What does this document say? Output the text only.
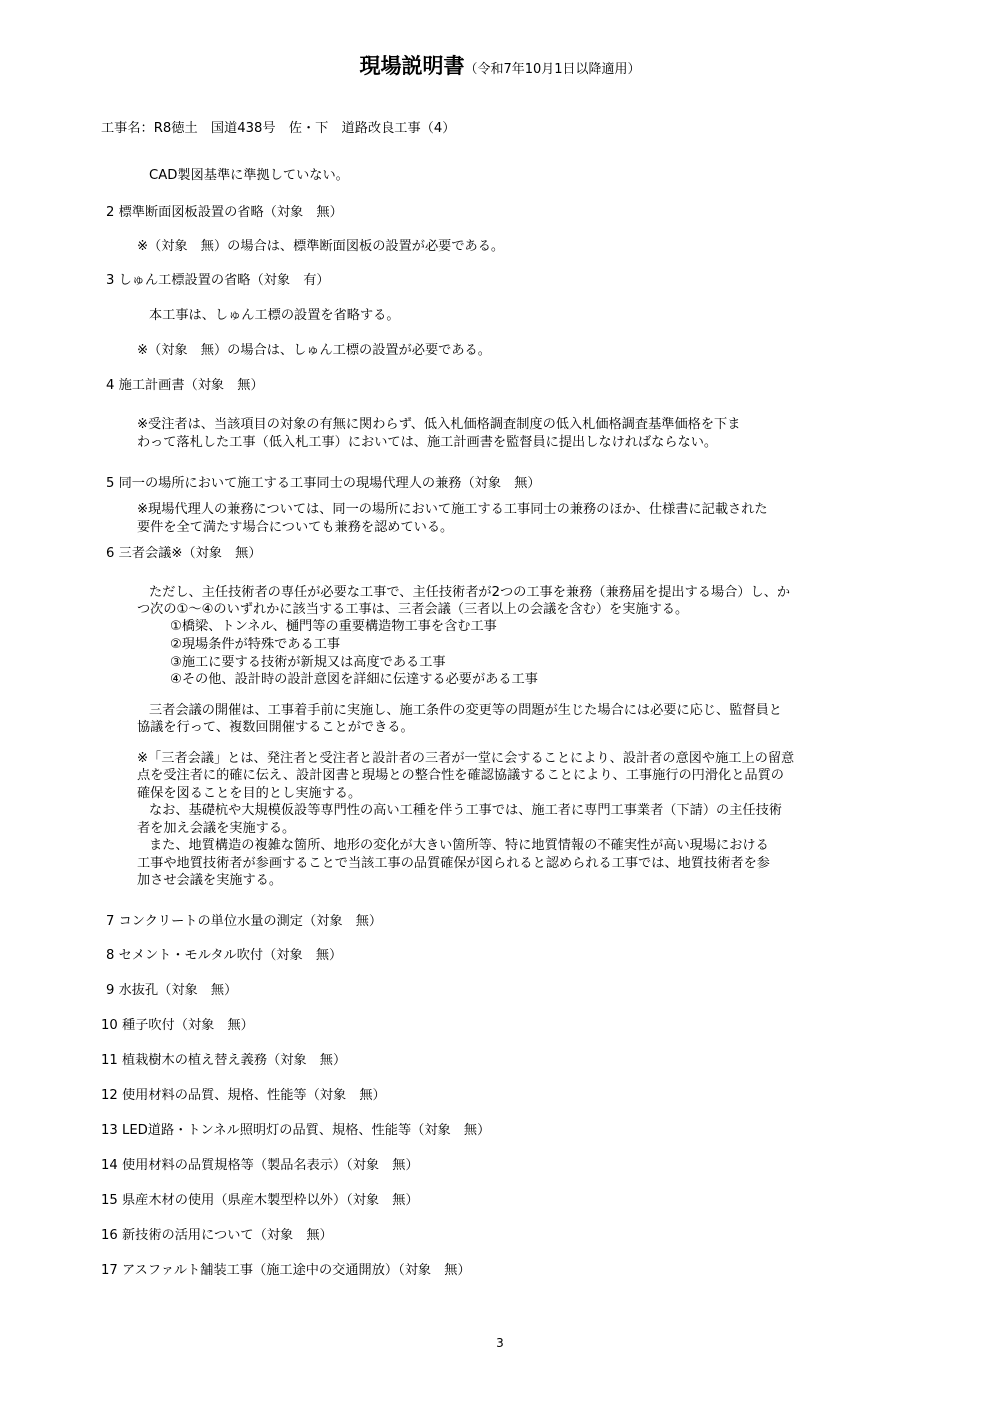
現場説明書（令和7年10月1日以降適用）
工事名：R8徳土　国道438号　佐・下　道路改良工事（4）
CAD製図基準に準拠していない。
2 標準断面図板設置の省略（対象　無）
※（対象　無）の場合は、標準断面図板の設置が必要である。
3 しゅん工標設置の省略（対象　有）
本工事は、しゅん工標の設置を省略する。
※（対象　無）の場合は、しゅん工標の設置が必要である。
4 施工計画書（対象　無）
※受注者は、当該項目の対象の有無に関わらず、低入札価格調査制度の低入札価格調査基準価格を下ま
わって落札した工事（低入札工事）においては、施工計画書を監督員に提出しなければならない。
5 同一の場所において施工する工事同士の現場代理人の兼務（対象　無）
※現場代理人の兼務については、同一の場所において施工する工事同士の兼務のほか、仕様書に記載された
要件を全て満たす場合についても兼務を認めている。
6 三者会議※（対象　無）
ただし、主任技術者の専任が必要な工事で、主任技術者が2つの工事を兼務（兼務届を提出する場合）し、か
つ次の①～④のいずれかに該当する工事は、三者会議（三者以上の会議を含む）を実施する。
①橋梁、トンネル、樋門等の重要構造物工事を含む工事
②現場条件が特殊である工事
③施工に要する技術が新規又は高度である工事
④その他、設計時の設計意図を詳細に伝達する必要がある工事
三者会議の開催は、工事着手前に実施し、施工条件の変更等の問題が生じた場合には必要に応じ、監督員と
協議を行って、複数回開催することができる。
※「三者会議」とは、発注者と受注者と設計者の三者が一堂に会することにより、設計者の意図や施工上の留意
点を受注者に的確に伝え、設計図書と現場との整合性を確認協議することにより、工事施行の円滑化と品質の
確保を図ることを目的とし実施する。
なお、基礎杭や大規模仮設等専門性の高い工種を伴う工事では、施工者に専門工事業者（下請）の主任技術
者を加え会議を実施する。
また、地質構造の複雑な箇所、地形の変化が大きい箇所等、特に地質情報の不確実性が高い現場における
工事や地質技術者が参画することで当該工事の品質確保が図られると認められる工事では、地質技術者を参
加させ会議を実施する。
7 コンクリートの単位水量の測定（対象　無）
8 セメント・モルタル吹付（対象　無）
9 水抜孔（対象　無）
10 種子吹付（対象　無）
11 植栽樹木の植え替え義務（対象　無）
12 使用材料の品質、規格、性能等（対象　無）
13 LED道路・トンネル照明灯の品質、規格、性能等（対象　無）
14 使用材料の品質規格等（製品名表示）（対象　無）
15 県産木材の使用（県産木製型枠以外）（対象　無）
16 新技術の活用について（対象　無）
17 アスファルト舗装工事（施工途中の交通開放）（対象　無）
3
